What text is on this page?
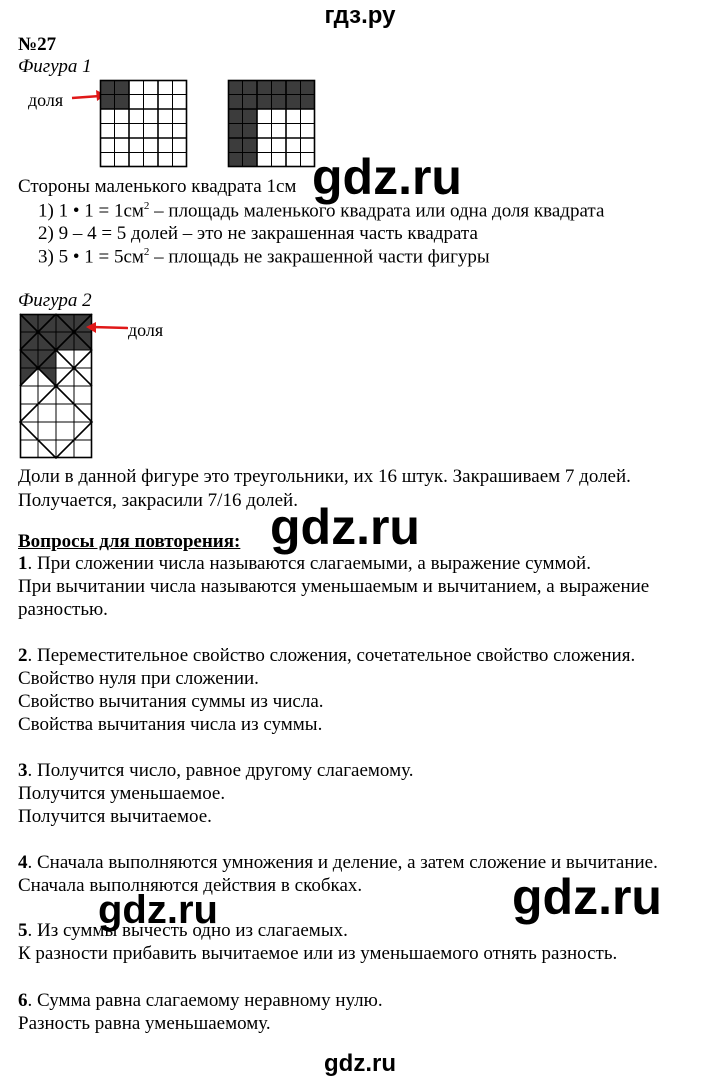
гдз.ру
№27
Фигура 1
доля
gdz.ru
Стороны маленького квадрата 1см
1) 1 • $1 = 1см^2$ – площадь маленького квадрата или одна доля квадрата
2) 9 – 4 = 5 долей – это не закрашенная часть квадрата
3) 5 • $1 = 5см^2$ – площадь не закрашенной части фигуры
Фигура 2
доля
Доли в данной фигуре это треугольники, их 16 штук. Закрашиваем 7 долей.
Получается, закрасили 7/16 долей.
gdz.ru
Вопросы для повторения:
1. При сложении числа называются слагаемыми, а выражение суммой.
При вычитании числа называются уменьшаемым и вычитанием, а выражение
разностью.
2. Переместительное свойство сложения, сочетательное свойство сложения.
Свойство нуля при сложении.
Свойство вычитания суммы из числа.
Свойства вычитания числа из суммы.
3. Получится число, равное другому слагаемому.
Получится уменьшаемое.
Получится вычитаемое.
4. Сначала выполняются умножения и деление, а затем сложение и вычитание.
Сначала выполняются действия в скобках.	gdz.ru
gdz.ru
5. Из суммы вычесть одно из слагаемых.
К разности прибавить вычитаемое или из уменьшаемого отнять разность.
6. Сумма равна слагаемому неравному нулю.
Разность равна уменьшаемому.
gdz.ru
